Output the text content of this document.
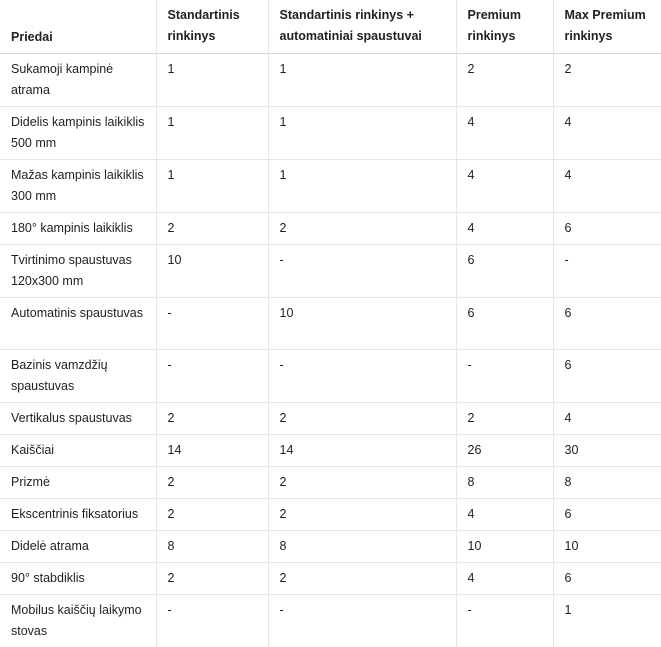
Priedai	Standartinis rinkinys	Standartinis rinkinys + automatiniai spaustuvai	Premium rinkinys	Max Premium rinkinys
Sukamoji kampinė atrama	1	1	2	2
Didelis kampinis laikiklis 500 mm	1	1	4	4
Mažas kampinis laikiklis 300 mm	1	1	4	4
180° kampinis laikiklis	2	2	4	6
Tvirtinimo spaustuvas 120x300 mm	10	-	6	-
Automatinis spaustuvas	-	10	6	6
Bazinis vamzdžių spaustuvas	-	-	-	6
Vertikalus spaustuvas	2	2	2	4
Kaiščiai	14	14	26	30
Prizmė	2	2	8	8
Ekscentrinis fiksatorius	2	2	4	6
Didelė atrama	8	8	10	10
90° stabdiklis	2	2	4	6
Mobilus kaiščių laikymo stovas	-	-	-	1
